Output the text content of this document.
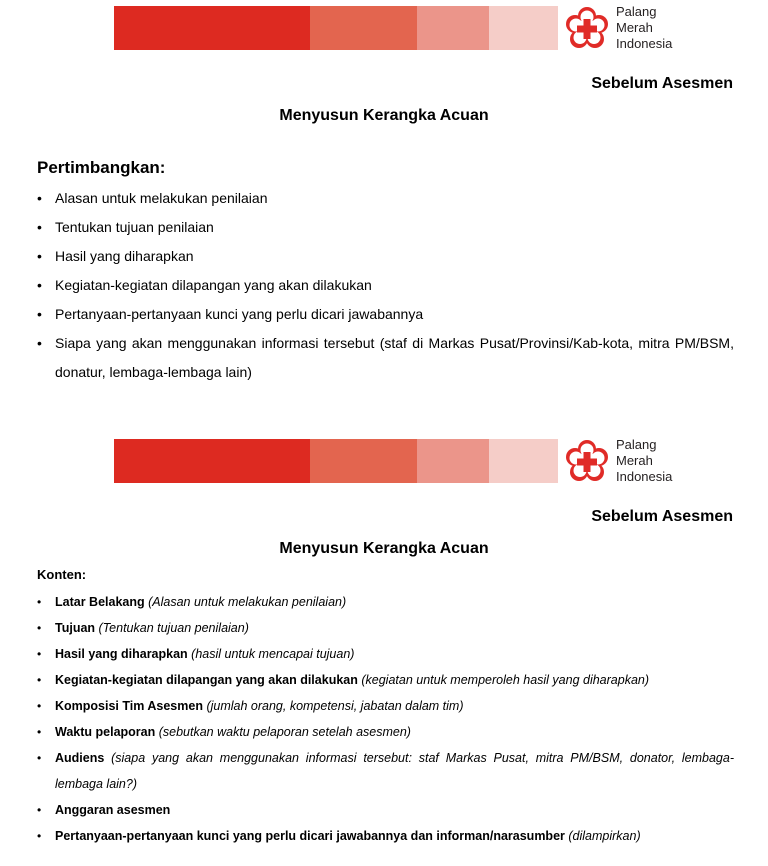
Palang
Merah
Indonesia
Sebelum Asesmen
Menyusun Kerangka Acuan
Pertimbangkan:
• Alasan untuk melakukan penilaian
• Tentukan tujuan penilaian
• Hasil yang diharapkan
• Kegiatan-kegiatan dilapangan yang akan dilakukan
• Pertanyaan-pertanyaan kunci yang perlu dicari jawabannya
• Siapa yang akan menggunakan informasi tersebut (staf di Markas Pusat/Provinsi/Kab-kota, mitra PM/BSM, donatur, lembaga-lembaga lain)
Palang
Merah
Indonesia
Sebelum Asesmen
Menyusun Kerangka Acuan
Konten:
• Latar Belakang (Alasan untuk melakukan penilaian)
• Tujuan (Tentukan tujuan penilaian)
• Hasil yang diharapkan (hasil untuk mencapai tujuan)
• Kegiatan-kegiatan dilapangan yang akan dilakukan (kegiatan untuk memperoleh hasil yang diharapkan)
• Komposisi Tim Asesmen (jumlah orang, kompetensi, jabatan dalam tim)
• Waktu pelaporan (sebutkan waktu pelaporan setelah asesmen)
• Audiens (siapa yang akan menggunakan informasi tersebut: staf Markas Pusat, mitra PM/BSM, donator, lembaga-lembaga lain?)
• Anggaran asesmen
• Pertanyaan-pertanyaan kunci yang perlu dicari jawabannya dan informan/narasumber (dilampirkan)
